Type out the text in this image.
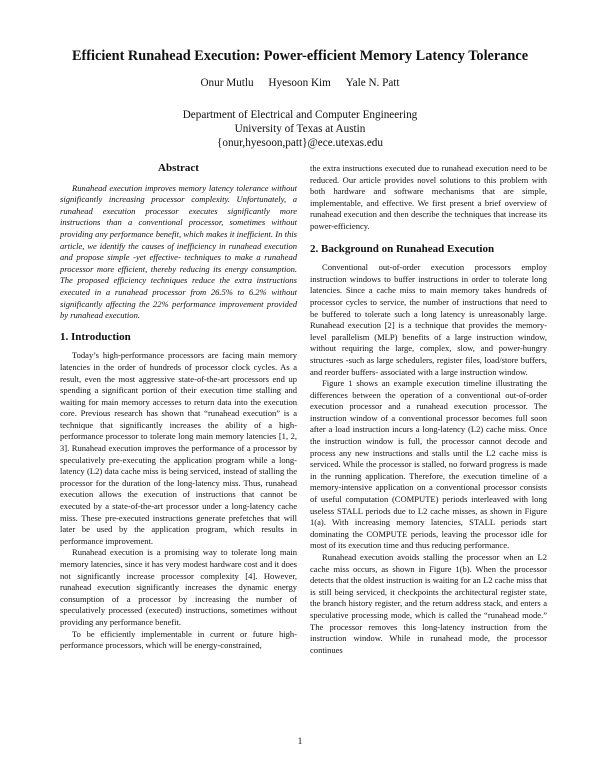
Efficient Runahead Execution: Power-efficient Memory Latency Tolerance
Onur Mutlu Hyesoon Kim Yale N. Patt
Department of Electrical and Computer Engineering
University of Texas at Austin
{onur,hyesoon,patt}@ece.utexas.edu
Abstract

Runahead execution improves memory latency tolerance without significantly increasing processor complexity. Unfortunately, a runahead execution processor executes significantly more instructions than a conventional processor, sometimes without providing any performance benefit, which makes it inefficient. In this article, we identify the causes of inefficiency in runahead execution and propose simple -yet effective- techniques to make a runahead processor more efficient, thereby reducing its energy consumption. The proposed efficiency techniques reduce the extra instructions executed in a runahead processor from 26.5% to 6.2% without significantly affecting the 22% performance improvement provided by runahead execution.

1. Introduction

Today’s high-performance processors are facing main memory latencies in the order of hundreds of processor clock cycles. As a result, even the most aggressive state-of-the-art processors end up spending a significant portion of their execution time stalling and waiting for main memory accesses to return data into the execution core. Previous research has shown that “runahead execution” is a technique that significantly increases the ability of a high-performance processor to tolerate long main memory latencies [1, 2, 3]. Runahead execution improves the performance of a processor by speculatively pre-executing the application program while a long-latency (L2) data cache miss is being serviced, instead of stalling the processor for the duration of the long-latency miss. Thus, runahead execution allows the execution of instructions that cannot be executed by a state-of-the-art processor under a long-latency cache miss. These pre-executed instructions generate prefetches that will later be used by the application program, which results in performance improvement.

Runahead execution is a promising way to tolerate long main memory latencies, since it has very modest hardware cost and it does not significantly increase processor complexity [4]. However, runahead execution significantly increases the dynamic energy consumption of a processor by increasing the number of speculatively processed (executed) instructions, sometimes without providing any performance benefit.

To be efficiently implementable in current or future high-performance processors, which will be energy-constrained,

the extra instructions executed due to runahead execution need to be reduced. Our article provides novel solutions to this problem with both hardware and software mechanisms that are simple, implementable, and effective. We first present a brief overview of runahead execution and then describe the techniques that increase its power-efficiency.

2. Background on Runahead Execution

Conventional out-of-order execution processors employ instruction windows to buffer instructions in order to tolerate long latencies. Since a cache miss to main memory takes hundreds of processor cycles to service, the number of instructions that need to be buffered to tolerate such a long latency is unreasonably large. Runahead execution [2] is a technique that provides the memory-level parallelism (MLP) benefits of a large instruction window, without requiring the large, complex, slow, and power-hungry structures -such as large schedulers, register files, load/store buffers, and reorder buffers- associated with a large instruction window.

Figure 1 shows an example execution timeline illustrating the differences between the operation of a conventional out-of-order execution processor and a runahead execution processor. The instruction window of a conventional processor becomes full soon after a load instruction incurs a long-latency (L2) cache miss. Once the instruction window is full, the processor cannot decode and process any new instructions and stalls until the L2 cache miss is serviced. While the processor is stalled, no forward progress is made in the running application. Therefore, the execution timeline of a memory-intensive application on a conventional processor consists of useful computation (COMPUTE) periods interleaved with long useless STALL periods due to L2 cache misses, as shown in Figure 1(a). With increasing memory latencies, STALL periods start dominating the COMPUTE periods, leaving the processor idle for most of its execution time and thus reducing performance.

Runahead execution avoids stalling the processor when an L2 cache miss occurs, as shown in Figure 1(b). When the processor detects that the oldest instruction is waiting for an L2 cache miss that is still being serviced, it checkpoints the architectural register state, the branch history register, and the return address stack, and enters a speculative processing mode, which is called the “runahead mode.” The processor removes this long-latency instruction from the instruction window. While in runahead mode, the processor continues

1
